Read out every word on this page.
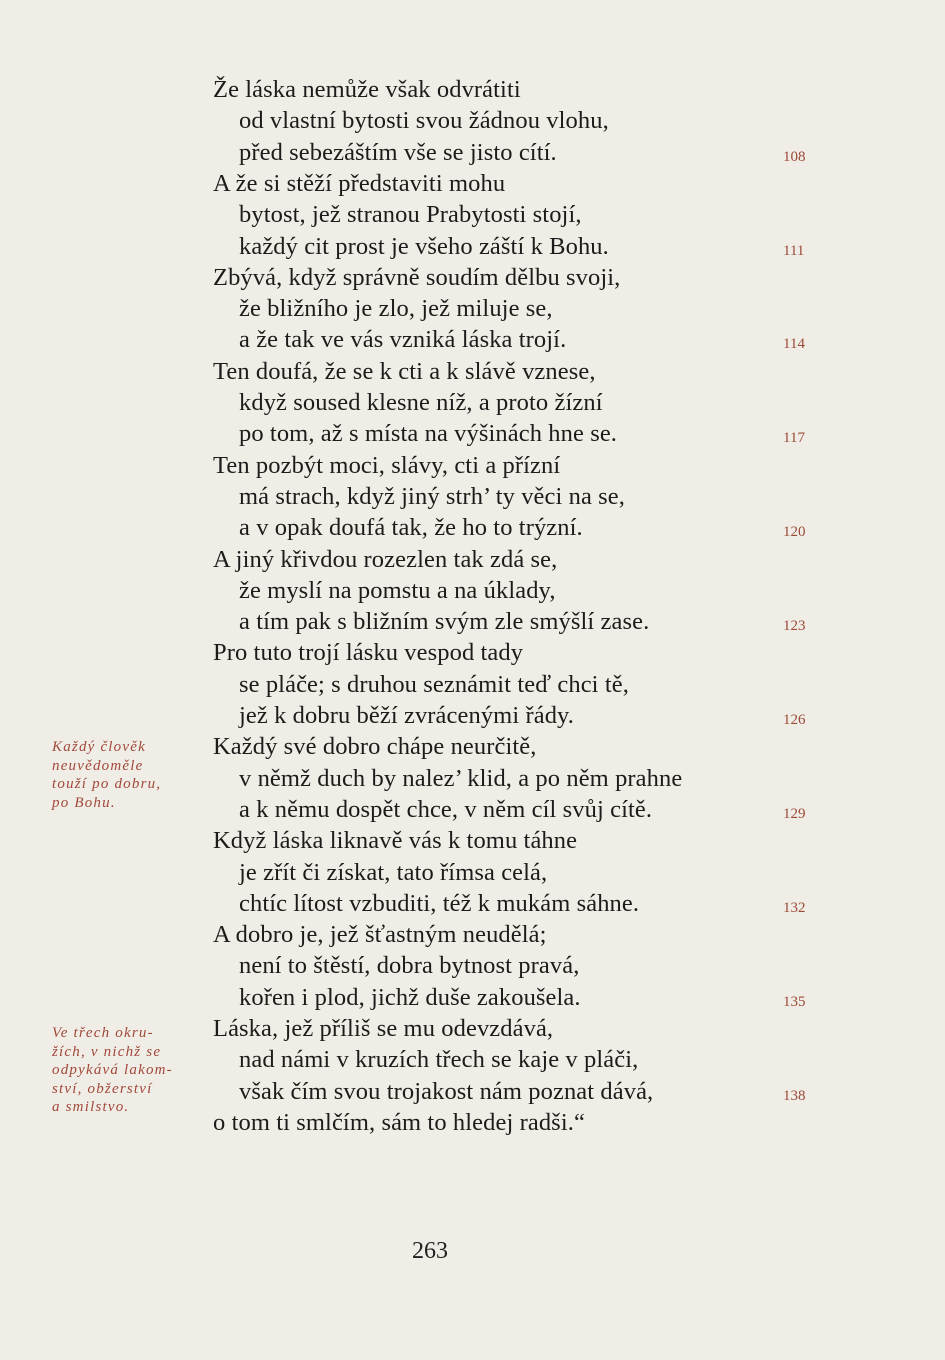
Že láska nemůže však odvrátiti
od vlastní bytosti svou žádnou vlohu,
před sebezáštím vše se jisto cítí.
A že si stěží představiti mohu
bytost, jež stranou Prabytosti stojí,
každý cit prost je všeho záští k Bohu.
Zbývá, když správně soudím dělbu svoji,
že bližního je zlo, jež miluje se,
a že tak ve vás vzniká láska trojí.
Ten doufá, že se k cti a k slávě vznese,
když soused klesne níž, a proto žízní
po tom, až s místa na výšinách hne se.
Ten pozbýt moci, slávy, cti a přízní
má strach, když jiný strh’ ty věci na se,
a v opak doufá tak, že ho to trýzní.
A jiný křivdou rozezlen tak zdá se,
že myslí na pomstu a na úklady,
a tím pak s bližním svým zle smýšlí zase.
Pro tuto trojí lásku vespod tady
se pláče; s druhou seznámit teď chci tě,
jež k dobru běží zvrácenými řády.
Každý své dobro chápe neurčitě,
v němž duch by nalez’ klid, a po něm prahne
a k němu dospět chce, v něm cíl svůj cítě.
Když láska liknavě vás k tomu táhne
je zřít či získat, tato římsa celá,
chtíc lítost vzbuditi, též k mukám sáhne.
A dobro je, jež šťastným neudělá;
není to štěstí, dobra bytnost pravá,
kořen i plod, jichž duše zakoušela.
Láska, jež příliš se mu odevzdává,
nad námi v kruzích třech se kaje v pláči,
však čím svou trojakost nám poznat dává,
o tom ti smlčím, sám to hledej radši.“
108
111
114
117
120
123
126
129
132
135
138
Každý člověk
neuvědoměle
touží po dobru,
po Bohu.
Ve třech okru-
žích, v nichž se
odpykává lakom-
ství, obžerství
a smilstvo.
263
